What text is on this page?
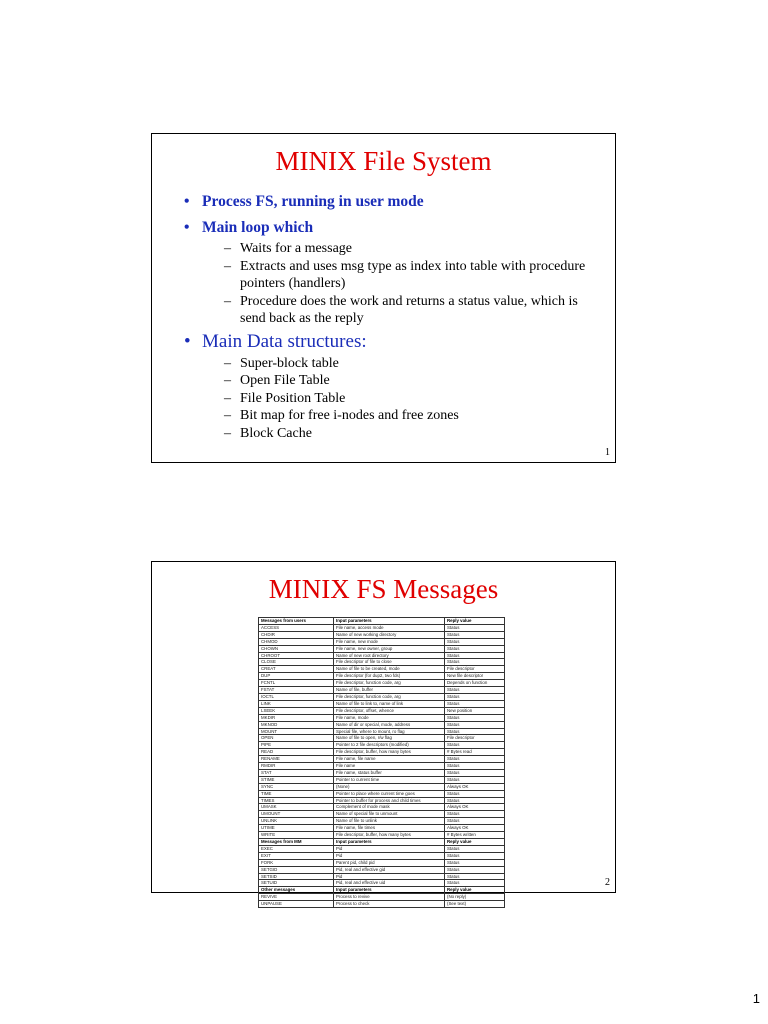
MINIX File System
• Process FS, running in user mode
• Main loop which
– Waits for a message
– Extracts and uses msg type as index into table with procedure pointers (handlers)
– Procedure does the work and returns a status value, which is send back as the reply
• Main Data structures:
– Super-block table
– Open File Table
– File Position Table
– Bit map for free i-nodes and free zones
– Block Cache
1
MINIX FS Messages
Messages from users	Input parameters	Reply value
ACCESS	File name, access mode	Status
CHDIR	Name of new working directory	Status
CHMOD	File name, new mode	Status
CHOWN	File name, new owner, group	Status
CHROOT	Name of new root directory	Status
CLOSE	File descriptor of file to close	Status
CREAT	Name of file to be created, mode	File descriptor
DUP	File descriptor (for dup2, two fds)	New file descriptor
FCNTL	File descriptor, function code, arg	Depends on function
FSTAT	Name of file, buffer	Status
IOCTL	File descriptor, function code, arg	Status
LINK	Name of file to link to, name of link	Status
LSEEK	File descriptor, offset, whence	New position
MKDIR	File name, mode	Status
MKNOD	Name of dir or special, mode, address	Status
MOUNT	Special file, where to mount, ro flag	Status
OPEN	Name of file to open, r/w flag	File descriptor
PIPE	Pointer to 2 file descriptors (modified)	Status
READ	File descriptor, buffer, how many bytes	# Bytes read
RENAME	File name, file name	Status
RMDIR	File name	Status
STAT	File name, status buffer	Status
STIME	Pointer to current time	Status
SYNC	(None)	Always OK
TIME	Pointer to place where current time goes	Status
TIMES	Pointer to buffer for process and child times	Status
UMASK	Complement of mode mask	Always OK
UMOUNT	Name of special file to unmount	Status
UNLINK	Name of file to unlink	Status
UTIME	File name, file times	Always OK
WRITE	File descriptor, buffer, how many bytes	# Bytes written
Messages from MM	Input parameters	Reply value
EXEC	Pid	Status
EXIT	Pid	Status
FORK	Parent pid, child pid	Status
SETGID	Pid, real and effective gid	Status
SETSID	Pid	Status
SETUID	Pid, real and effective uid	Status
Other messages	Input parameters	Reply value
REVIVE	Process to revive	(No reply)
UNPAUSE	Process to check	(See text)
2
1
